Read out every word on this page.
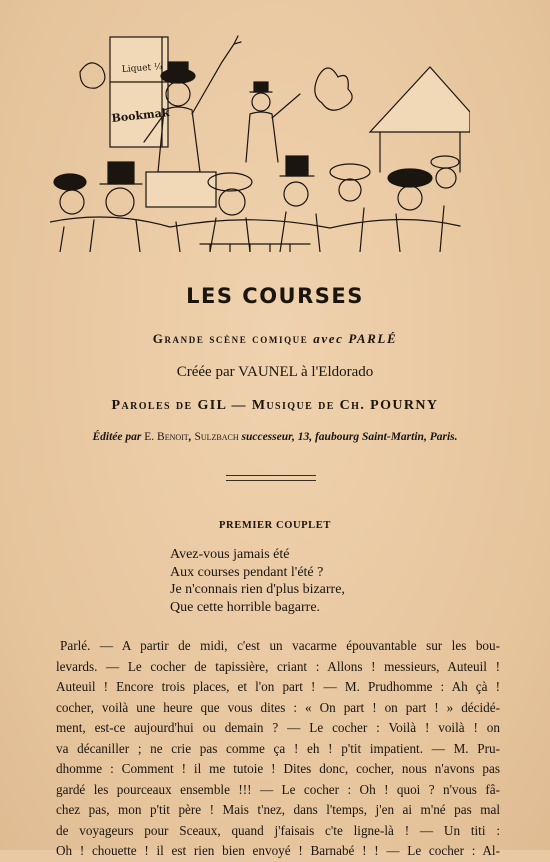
Liquet ¼
Bookmak
LES COURSES
Grande scène comique avec PARLÉ
Créée par VAUNEL à l'Eldorado
Paroles de GIL — Musique de Ch. POURNY
Éditée par E. Benoit, Sulzbach successeur, 13, faubourg Saint-Martin, Paris.
PREMIER COUPLET
Avez-vous jamais été
Aux courses pendant l'été ?
Je n'connais rien d'plus bizarre,
Que cette horrible bagarre.
Parlé. — A partir de midi, c'est un vacarme épouvantable sur les bou-
levards. — Le cocher de tapissière, criant : Allons ! messieurs, Auteuil !
Auteuil ! Encore trois places, et l'on part ! — M. Prudhomme : Ah çà !
cocher, voilà une heure que vous dites : « On part ! on part ! » décidé-
ment, est-ce aujourd'hui ou demain ? — Le cocher : Voilà ! voilà ! on
va décaniller ; ne crie pas comme ça ! eh ! p'tit impatient. — M. Pru-
dhomme : Comment ! il me tutoie ! Dites donc, cocher, nous n'avons pas
gardé les pourceaux ensemble !!! — Le cocher : Oh ! quoi ? n'vous fâ-
chez pas, mon p'tit père ! Mais t'nez, dans l'temps, j'en ai m'né pas mal
de voyageurs pour Sceaux, quand j'faisais c'te ligne-là ! — Un titi :
Oh ! chouette ! il est rien bien envoyé ! Barnabé ! ! — Le cocher : Al-
